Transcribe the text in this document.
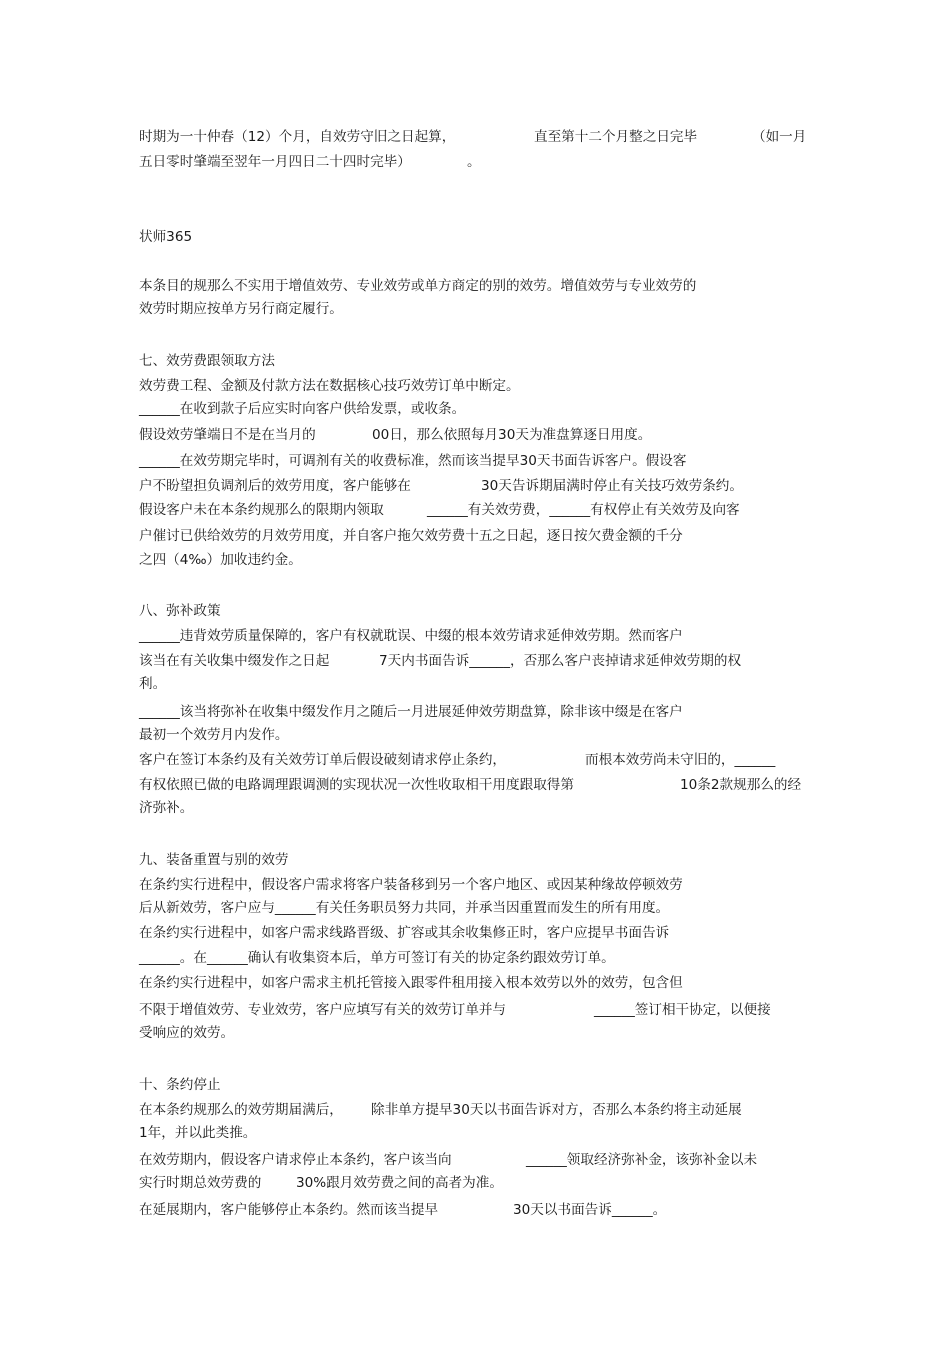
时期为一十仲春（12）个月，自效劳守旧之日起算，	直至第十二个月整之日完毕	（如一月
五日零时肇端至翌年一月四日二十四时完毕）	。
状师365
本条目的规那么不实用于增值效劳、专业效劳或单方商定的别的效劳。增值效劳与专业效劳的
效劳时期应按单方另行商定履行。
七、效劳费跟领取方法
效劳费工程、金额及付款方法在数据核心技巧效劳订单中断定。
______在收到款子后应实时向客户供给发票，或收条。
假设效劳肇端日不是在当月的	00日，那么依照每月30天为准盘算逐日用度。
______在效劳期完毕时，可调剂有关的收费标准，然而该当提早30天书面告诉客户。假设客
户不盼望担负调剂后的效劳用度，客户能够在	30天告诉期届满时停止有关技巧效劳条约。
假设客户未在本条约规那么的限期内领取	______有关效劳费，______有权停止有关效劳及向客
户催讨已供给效劳的月效劳用度，并自客户拖欠效劳费十五之日起，逐日按欠费金额的千分
之四（4‰）加收违约金。
八、弥补政策
______违背效劳质量保障的，客户有权就耽误、中缀的根本效劳请求延伸效劳期。然而客户
该当在有关收集中缀发作之日起	7天内书面告诉______，否那么客户丧掉请求延伸效劳期的权
利。
______该当将弥补在收集中缀发作月之随后一月进展延伸效劳期盘算，除非该中缀是在客户
最初一个效劳月内发作。
客户在签订本条约及有关效劳订单后假设破刻请求停止条约，	而根本效劳尚未守旧的，______
有权依照已做的电路调理跟调测的实现状况一次性收取相干用度跟取得第	10条2款规那么的经
济弥补。
九、装备重置与别的效劳
在条约实行进程中，假设客户需求将客户装备移到另一个客户地区、或因某种缘故停顿效劳
后从新效劳，客户应与______有关任务职员努力共同，并承当因重置而发生的所有用度。
在条约实行进程中，如客户需求线路晋级、扩容或其余收集修正时，客户应提早书面告诉
______。在______确认有收集资本后，单方可签订有关的协定条约跟效劳订单。
在条约实行进程中，如客户需求主机托管接入跟零件租用接入根本效劳以外的效劳，包含但
不限于增值效劳、专业效劳，客户应填写有关的效劳订单并与	______签订相干协定，以便接
受响应的效劳。
十、条约停止
在本条约规那么的效劳期届满后， 除非单方提早30天以书面告诉对方，否那么本条约将主动延展
1年，并以此类推。
在效劳期内，假设客户请求停止本条约，客户该当向	______领取经济弥补金，该弥补金以未
实行时期总效劳费的	30%跟月效劳费之间的高者为准。
在延展期内，客户能够停止本条约。然而该当提早	30天以书面告诉______。
